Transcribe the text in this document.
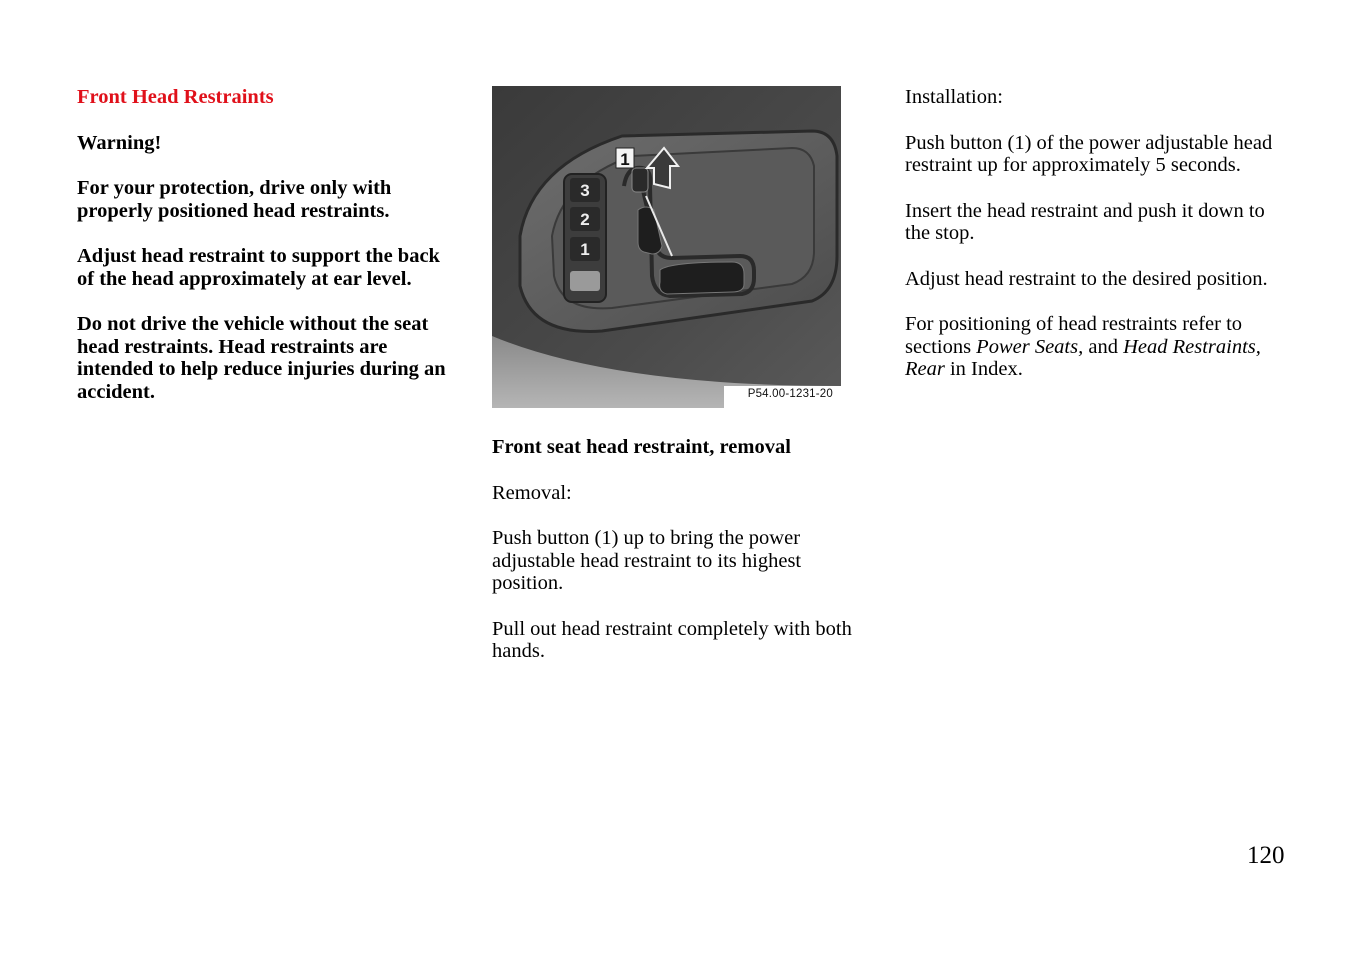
Front Head Restraints

Warning!

For your protection, drive only with properly positioned head restraints.

Adjust head restraint to support the back of the head approximately at ear level.

Do not drive the vehicle without the seat head restraints. Head restraints are intended to help reduce injuries during an accident.

3
2
1
1
P54.00-1231-20

Front seat head restraint, removal

Removal:

Push button (1) up to bring the power adjustable head restraint to its highest position.

Pull out head restraint completely with both hands.

Installation:

Push button (1) of the power adjustable head restraint up for approximately 5 seconds.

Insert the head restraint and push it down to the stop.

Adjust head restraint to the desired position.

For positioning of head restraints refer to sections Power Seats, and Head Restraints, Rear in Index.

120
